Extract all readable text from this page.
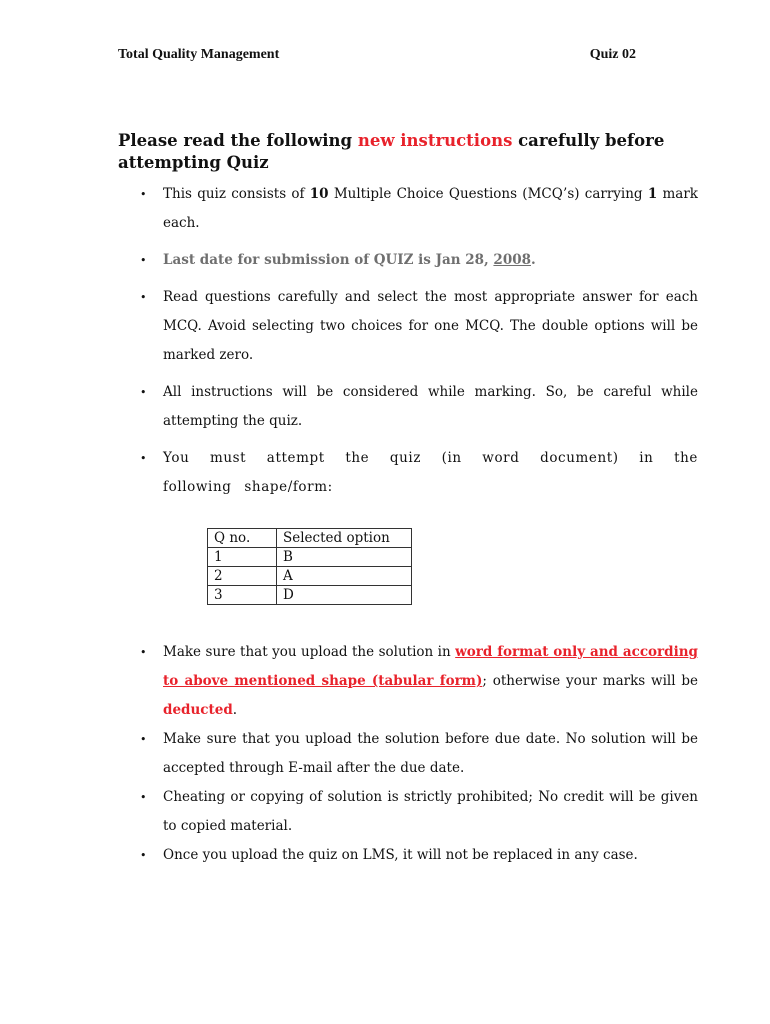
Total Quality Management	Quiz 02
Please read the following new instructions carefully before attempting Quiz
• This quiz consists of 10 Multiple Choice Questions (MCQ’s) carrying 1 mark each.
• Last date for submission of QUIZ is Jan 28, 2008.
• Read questions carefully and select the most appropriate answer for each MCQ. Avoid selecting two choices for one MCQ. The double options will be marked zero.
• All instructions will be considered while marking. So, be careful while attempting the quiz.
• You must attempt the quiz (in word document) in the following shape/form:
Q no.	Selected option
1	B
2	A
3	D
• Make sure that you upload the solution in word format only and according to above mentioned shape (tabular form); otherwise your marks will be deducted.
• Make sure that you upload the solution before due date. No solution will be accepted through E-mail after the due date.
• Cheating or copying of solution is strictly prohibited; No credit will be given to copied material.
• Once you upload the quiz on LMS, it will not be replaced in any case.
